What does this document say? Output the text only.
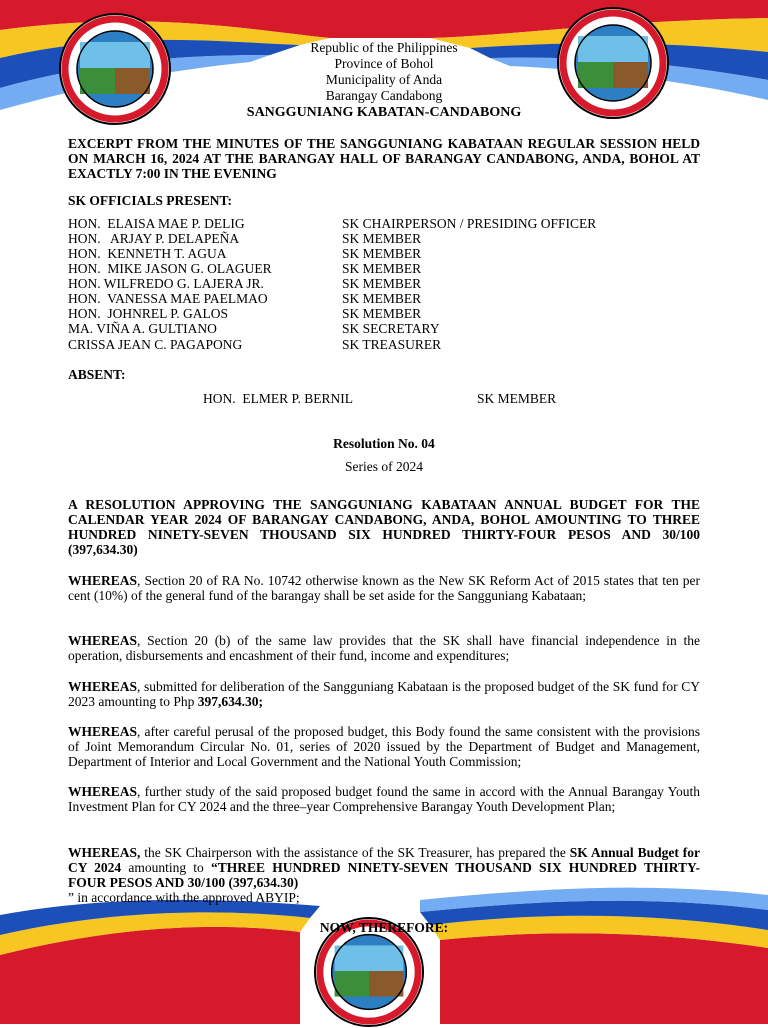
Republic of the Philippines
Province of Bohol
Municipality of Anda
Barangay Candabong
SANGGUNIANG KABATAN-CANDABONG
EXCERPT FROM THE MINUTES OF THE SANGGUNIANG KABATAAN REGULAR SESSION HELD ON MARCH 16, 2024 AT THE BARANGAY HALL OF BARANGAY CANDABONG, ANDA, BOHOL AT EXACTLY 7:00 IN THE EVENING
SK OFFICIALS PRESENT:
HON.  ELAISA MAE P. DELIG	SK CHAIRPERSON / PRESIDING OFFICER
HON.   ARJAY P. DELAPEÑA	SK MEMBER
HON.  KENNETH T. AGUA	SK MEMBER
HON.  MIKE JASON G. OLAGUER	SK MEMBER
HON. WILFREDO G. LAJERA JR.	SK MEMBER
HON.  VANESSA MAE PAELMAO	SK MEMBER
HON.  JOHNREL P. GALOS	SK MEMBER
MA. VIÑA A. GULTIANO	SK SECRETARY
CRISSA JEAN C. PAGAPONG	SK TREASURER
ABSENT:
HON.  ELMER P. BERNIL	SK MEMBER
Resolution No. 04
Series of 2024
A RESOLUTION APPROVING THE SANGGUNIANG KABATAAN ANNUAL BUDGET FOR THE CALENDAR YEAR 2024 OF BARANGAY CANDABONG, ANDA, BOHOL AMOUNTING TO THREE HUNDRED NINETY-SEVEN THOUSAND SIX HUNDRED THIRTY-FOUR PESOS AND 30/100 (397,634.30)
WHEREAS, Section 20 of RA No. 10742 otherwise known as the New SK Reform Act of 2015 states that ten per cent (10%) of the general fund of the barangay shall be set aside for the Sangguniang Kabataan;
WHEREAS, Section 20 (b) of the same law provides that the SK shall have financial independence in the operation, disbursements and encashment of their fund, income and expenditures;
WHEREAS, submitted for deliberation of the Sangguniang Kabataan is the proposed budget of the SK fund for CY 2023 amounting to Php 397,634.30;
WHEREAS, after careful perusal of the proposed budget, this Body found the same consistent with the provisions of Joint Memorandum Circular No. 01, series of 2020 issued by the Department of Budget and Management, Department of Interior and Local Government and the National Youth Commission;
WHEREAS, further study of the said proposed budget found the same in accord with the Annual Barangay Youth Investment Plan for CY 2024 and the three–year Comprehensive Barangay Youth Development Plan;
WHEREAS, the SK Chairperson with the assistance of the SK Treasurer, has prepared the SK Annual Budget for CY 2024 amounting to “THREE HUNDRED NINETY-SEVEN THOUSAND SIX HUNDRED THIRTY-FOUR PESOS AND 30/100 (397,634.30)
” in accordance with the approved ABYIP;
NOW, THEREFORE:
